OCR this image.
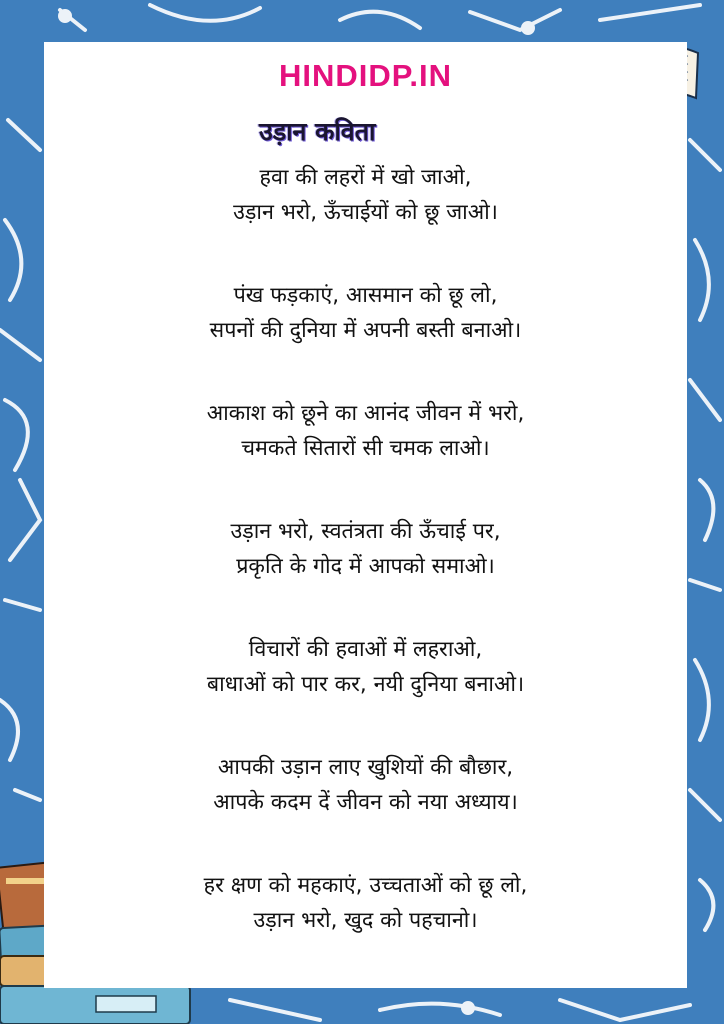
HINDIDP.IN
उड़ान कविता
हवा की लहरों में खो जाओ,
उड़ान भरो, ऊँचाईयों को छू जाओ।
पंख फड़काएं, आसमान को छू लो,
सपनों की दुनिया में अपनी बस्ती बनाओ।
आकाश को छूने का आनंद जीवन में भरो,
चमकते सितारों सी चमक लाओ।
उड़ान भरो, स्वतंत्रता की ऊँचाई पर,
प्रकृति के गोद में आपको समाओ।
विचारों की हवाओं में लहराओ,
बाधाओं को पार कर, नयी दुनिया बनाओ।
आपकी उड़ान लाए खुशियों की बौछार,
आपके कदम दें जीवन को नया अध्याय।
हर क्षण को महकाएं, उच्चताओं को छू लो,
उड़ान भरो, खुद को पहचानो।
